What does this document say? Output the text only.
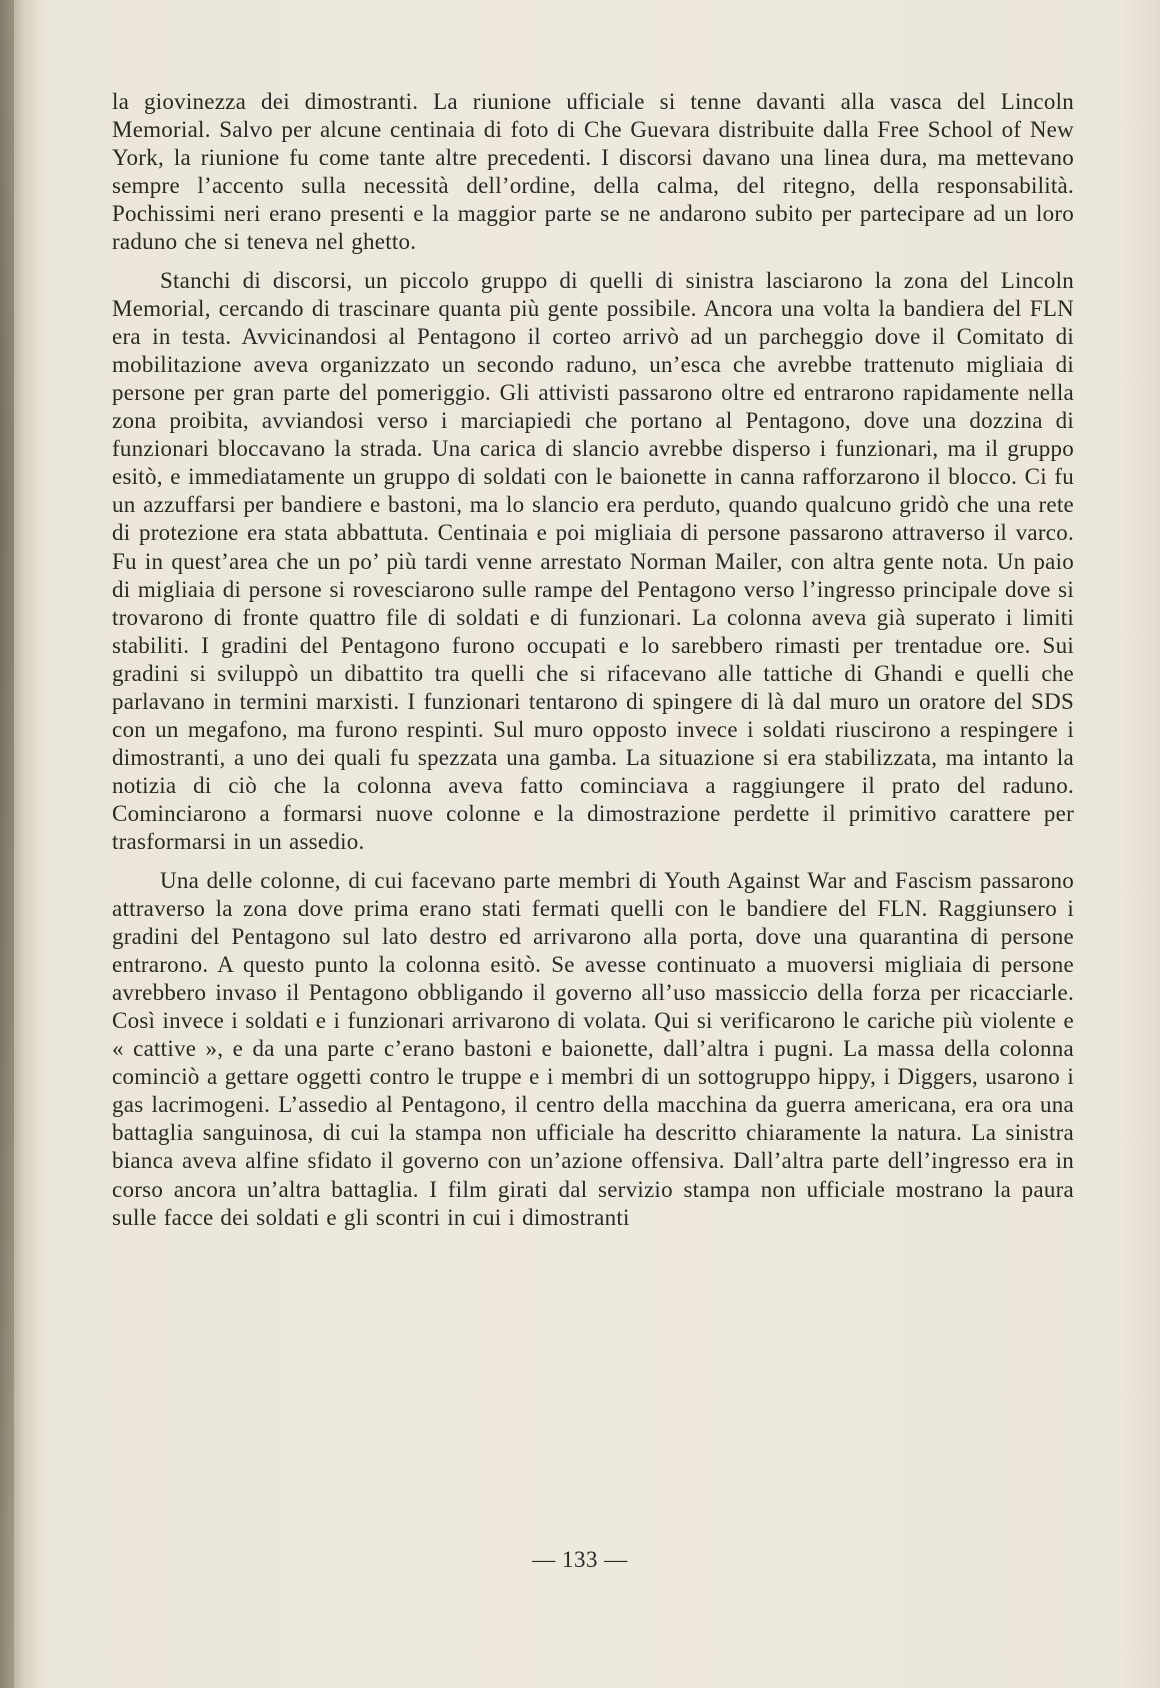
la giovinezza dei dimostranti. La riunione ufficiale si tenne davanti alla vasca del Lincoln Memorial. Salvo per alcune centinaia di foto di Che Guevara distribuite dalla Free School of New York, la riunione fu come tante altre precedenti. I discorsi davano una linea dura, ma mettevano sempre l’accento sulla necessità dell’ordine, della calma, del ritegno, della responsabilità. Pochissimi neri erano presenti e la maggior parte se ne andarono subito per partecipare ad un loro raduno che si teneva nel ghetto.

Stanchi di discorsi, un piccolo gruppo di quelli di sinistra lasciarono la zona del Lincoln Memorial, cercando di trascinare quanta più gente possibile. Ancora una volta la bandiera del FLN era in testa. Avvicinandosi al Pentagono il corteo arrivò ad un parcheggio dove il Comitato di mobilitazione aveva organizzato un secondo raduno, un’esca che avrebbe trattenuto migliaia di persone per gran parte del pomeriggio. Gli attivisti passarono oltre ed entrarono rapidamente nella zona proibita, avviandosi verso i marciapiedi che portano al Pentagono, dove una dozzina di funzionari bloccavano la strada. Una carica di slancio avrebbe disperso i funzionari, ma il gruppo esitò, e immediatamente un gruppo di soldati con le baionette in canna rafforzarono il blocco. Ci fu un azzuffarsi per bandiere e bastoni, ma lo slancio era perduto, quando qualcuno gridò che una rete di protezione era stata abbattuta. Centinaia e poi migliaia di persone passarono attraverso il varco. Fu in quest’area che un po’ più tardi venne arrestato Norman Mailer, con altra gente nota. Un paio di migliaia di persone si rovesciarono sulle rampe del Pentagono verso l’ingresso principale dove si trovarono di fronte quattro file di soldati e di funzionari. La colonna aveva già superato i limiti stabiliti. I gradini del Pentagono furono occupati e lo sarebbero rimasti per trentadue ore. Sui gradini si sviluppò un dibattito tra quelli che si rifacevano alle tattiche di Ghandi e quelli che parlavano in termini marxisti. I funzionari tentarono di spingere di là dal muro un oratore del SDS con un megafono, ma furono respinti. Sul muro opposto invece i soldati riuscirono a respingere i dimostranti, a uno dei quali fu spezzata una gamba. La situazione si era stabilizzata, ma intanto la notizia di ciò che la colonna aveva fatto cominciava a raggiungere il prato del raduno. Cominciarono a formarsi nuove colonne e la dimostrazione perdette il primitivo carattere per trasformarsi in un assedio.

Una delle colonne, di cui facevano parte membri di Youth Against War and Fascism passarono attraverso la zona dove prima erano stati fermati quelli con le bandiere del FLN. Raggiunsero i gradini del Pentagono sul lato destro ed arrivarono alla porta, dove una quarantina di persone entrarono. A questo punto la colonna esitò. Se avesse continuato a muoversi migliaia di persone avrebbero invaso il Pentagono obbligando il governo all’uso massiccio della forza per ricacciarle. Così invece i soldati e i funzionari arrivarono di volata. Qui si verificarono le cariche più violente e « cattive », e da una parte c’erano bastoni e baionette, dall’altra i pugni. La massa della colonna cominciò a gettare oggetti contro le truppe e i membri di un sottogruppo hippy, i Diggers, usarono i gas lacrimogeni. L’assedio al Pentagono, il centro della macchina da guerra americana, era ora una battaglia sanguinosa, di cui la stampa non ufficiale ha descritto chiaramente la natura. La sinistra bianca aveva alfine sfidato il governo con un’azione offensiva. Dall’altra parte dell’ingresso era in corso ancora un’altra battaglia. I film girati dal servizio stampa non ufficiale mostrano la paura sulle facce dei soldati e gli scontri in cui i dimostranti

— 133 —
